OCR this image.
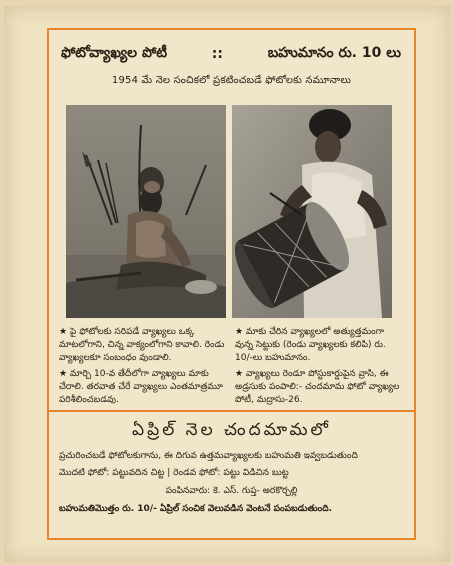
ఫోటోవ్యాఖ్యల పోటీ	::	బహుమానం రు. 10 లు
1954 మే నెల సంచికలో ప్రకటించబడే ఫోటోలకు నమూనాలు

★ పై ఫోటోలకు సరిపడే వ్యాఖ్యలు ఒక్క మాటలోగాని, చిన్న వాక్యంలోగాని కావాలి. రెండు వ్యాఖ్యలకూ సంబంధం వుండాలి.

★ మార్చి 10-వ తేదీలోగా వ్యాఖ్యలు మాకు చేరాలి. తరవాత చేరే వ్యాఖ్యలు ఎంతమాత్రమూ పరిశీలించబడవు.

★ మాకు చేరిన వ్యాఖ్యలలో అత్యుత్తమంగా వున్న సెట్టుకు (రెండు వ్యాఖ్యలకు కలిపి) రు. 10/-లు బహుమానం.

★ వ్యాఖ్యలు రెండూ పోస్టుకార్డుపైన వ్రాసి, ఈ అడ్రసుకు పంపాలి:- చందమామ ఫోటో వ్యాఖ్యల పోటీ, మద్రాసు-26.

ఏప్రిల్ నెల చందమామలో
ప్రచురించబడే ఫోటోలకుగాను, ఈ దిగువ ఉత్తమవ్యాఖ్యలకు బహుమతి ఇవ్వబడుతుంది
మొదటి ఫోటో: పట్టువదిన చిట్ట | రెండవ ఫోటో: పట్టు విడిచిన బుట్ట
పంపినవారు: కె. ఎస్. గుప్త- అరకొర్చల్లి
బహుమతిమొత్తం రు. 10/- ఏప్రిల్ సంచిక వెలువడిన వెంటనే పంపబడుతుంది.
